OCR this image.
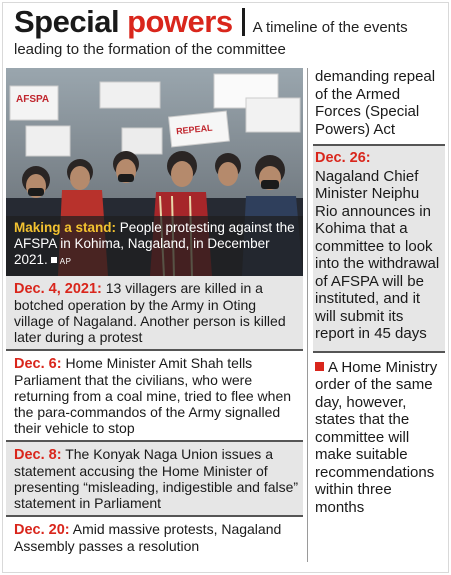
Special powers A timeline of the events
leading to the formation of the committee
AFSPA
REPEAL
Making a stand: People protesting against the AFSPA in Kohima, Nagaland, in December 2021. AP
Dec. 4, 2021: 13 villagers are killed in a botched operation by the Army in Oting village of Nagaland. Another person is killed later during a protest
Dec. 6: Home Minister Amit Shah tells Parliament that the civilians, who were returning from a coal mine, tried to flee when the para-commandos of the Army signalled their vehicle to stop
Dec. 8: The Konyak Naga Union issues a statement accusing the Home Minister of presenting “misleading, indigestible and false” statement in Parliament
Dec. 20: Amid massive protests, Nagaland Assembly passes a resolution
demanding repeal of the Armed Forces (Special Powers) Act
Dec. 26:
Nagaland Chief Minister Neiphu Rio announces in Kohima that a committee to look into the withdrawal of AFSPA will be instituted, and it will submit its report in 45 days
A Home Ministry order of the same day, however, states that the committee will make suitable recommendations within three months
